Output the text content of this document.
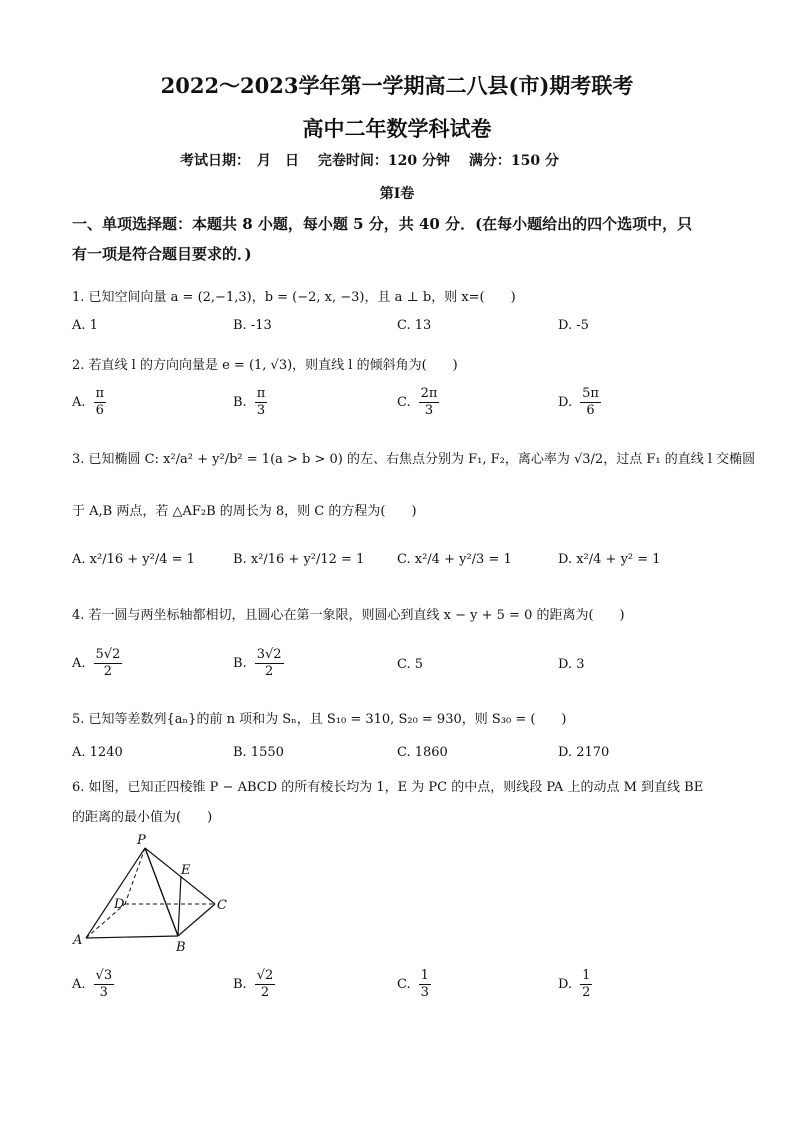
2022～2023学年第一学期高二八县(市)期考联考
高中二年数学科试卷
考试日期：　月　日 完卷时间：120 分钟 满分：150 分
第I卷
一、单项选择题：本题共 8 小题，每小题 5 分，共 40 分．(在每小题给出的四个选项中，只
有一项是符合题目要求的．)
1. 已知空间向量 a = (2,−1,3)，b = (−2, x, −3)，且 a ⊥ b，则 x=(　　)
A. 1	B. -13	C. 13	D. -5
2. 若直线 l 的方向向量是 e = (1, √3)，则直线 l 的倾斜角为(　　)
A. $\frac{\pi}{6}$	B. $\frac{\pi}{3}$	C. $\frac{2\pi}{3}$	D. $\frac{5\pi}{6}$
3. 已知椭圆 C: x²/a² + y²/b² = 1(a > b > 0) 的左、右焦点分别为 F₁, F₂，离心率为 √3/2，过点 F₁ 的直线 l 交椭圆
于 A,B 两点，若 △AF₂B 的周长为 8，则 C 的方程为(　　)
A. x²/16 + y²/4 = 1	B. x²/16 + y²/12 = 1	C. x²/4 + y²/3 = 1	D. x²/4 + y² = 1
4. 若一圆与两坐标轴都相切，且圆心在第一象限，则圆心到直线 x − y + 5 = 0 的距离为(　　)
A. $\frac{5√2}{2}$	B. $\frac{3√2}{2}$	C. 5	D. 3
5. 已知等差数列{aₙ}的前 n 项和为 Sₙ，且 S₁₀ = 310, S₂₀ = 930，则 S₃₀ = (　　)
A. 1240	B. 1550	C. 1860	D. 2170
6. 如图，已知正四棱锥 P − ABCD 的所有棱长均为 1，E 为 PC 的中点，则线段 PA 上的动点 M 到直线 BE
的距离的最小值为(　　)
P
E
D	C
A	B
A. $\frac{√3}{3}$	B. $\frac{√2}{2}$	C. $\frac{1}{3}$	D. $\frac{1}{2}$
